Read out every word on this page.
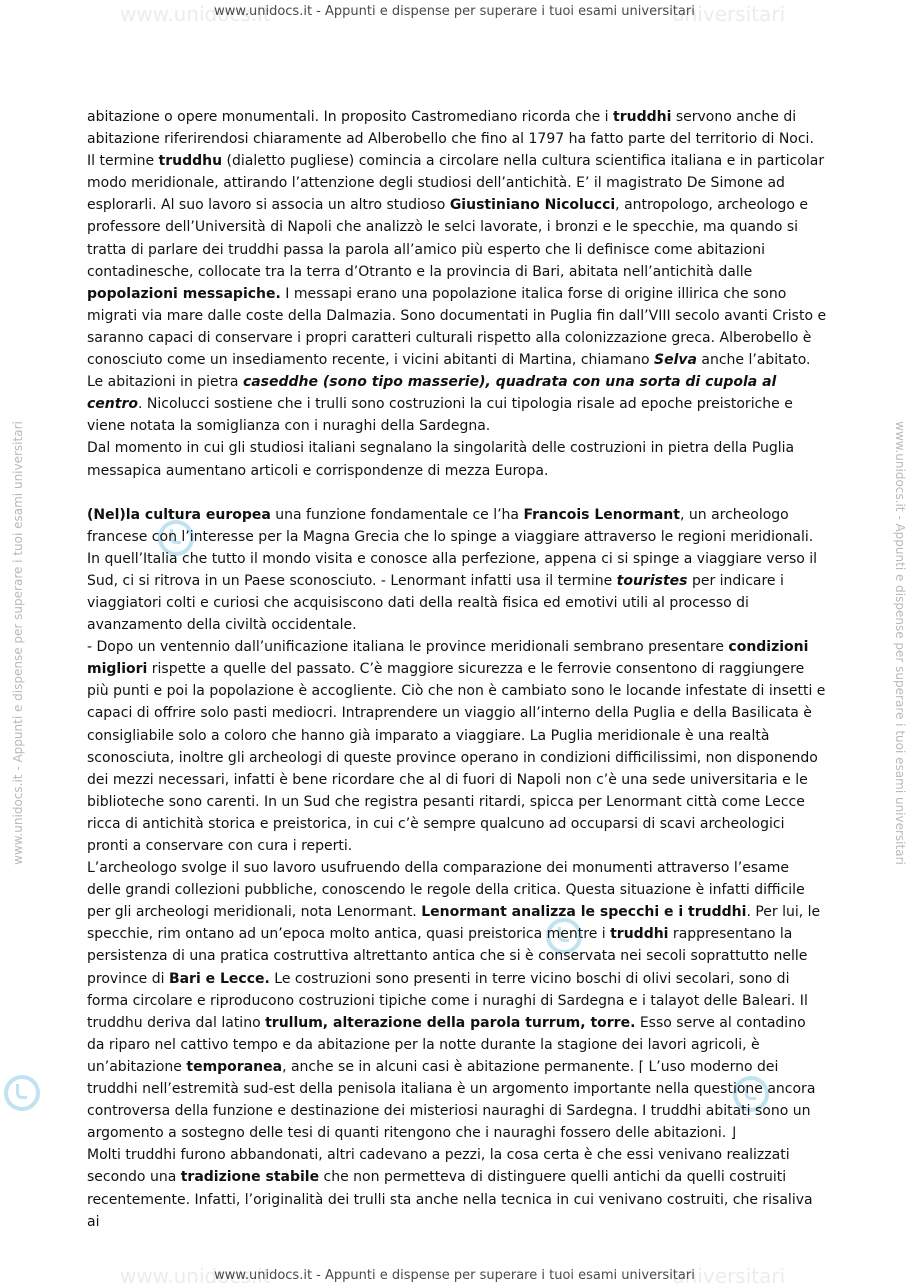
www.unidocs.it	universitari
www.unidocs.it - Appunti e dispense per superare i tuoi esami universitari
www.unidocs.it	universitari
www.unidocs.it - Appunti e dispense per superare i tuoi esami universitari
www.unidocs.it - Appunti e dispense per superare i tuoi esami universitari	www.unidocs.it - Appunti e dispense per superare i tuoi esami universitari

abitazione o opere monumentali. In proposito Castromediano ricorda che i truddhi servono anche di abitazione riferirendosi chiaramente ad Alberobello che fino al 1797 ha fatto parte del territorio di Noci.

Il termine truddhu (dialetto pugliese) comincia a circolare nella cultura scientifica italiana e in particolar modo meridionale, attirando l’attenzione degli studiosi dell’antichità. E’ il magistrato De Simone ad esplorarli. Al suo lavoro si associa un altro studioso Giustiniano Nicolucci, antropologo, archeologo e professore dell’Università di Napoli che analizzò le selci lavorate, i bronzi e le specchie, ma quando si tratta di parlare dei truddhi passa la parola all’amico più esperto che li definisce come abitazioni contadinesche, collocate tra la terra d’Otranto e la provincia di Bari, abitata nell’antichità dalle popolazioni messapiche. I messapi erano una popolazione italica forse di origine illirica che sono migrati via mare dalle coste della Dalmazia. Sono documentati in Puglia fin dall’VIII secolo avanti Cristo e saranno capaci di conservare i propri caratteri culturali rispetto alla colonizzazione greca. Alberobello è conosciuto come un insediamento recente, i vicini abitanti di Martina, chiamano Selva anche l’abitato.

Le abitazioni in pietra caseddhe (sono tipo masserie), quadrata con una sorta di cupola al centro. Nicolucci sostiene che i trulli sono costruzioni la cui tipologia risale ad epoche preistoriche e viene notata la somiglianza con i nuraghi della Sardegna.

Dal momento in cui gli studiosi italiani segnalano la singolarità delle costruzioni in pietra della Puglia messapica aumentano articoli e corrispondenze di mezza Europa.

(Nel)la cultura europea una funzione fondamentale ce l’ha Francois Lenormant, un archeologo francese con l’interesse per la Magna Grecia che lo spinge a viaggiare attraverso le regioni meridionali. In quell’Italia che tutto il mondo visita e conosce alla perfezione, appena ci si spinge a viaggiare verso il Sud, ci si ritrova in un Paese sconosciuto. - Lenormant infatti usa il termine touristes per indicare i viaggiatori colti e curiosi che acquisiscono dati della realtà fisica ed emotivi utili al processo di avanzamento della civiltà occidentale.

- Dopo un ventennio dall’unificazione italiana le province meridionali sembrano presentare condizioni migliori rispette a quelle del passato. C’è maggiore sicurezza e le ferrovie consentono di raggiungere più punti e poi la popolazione è accogliente. Ciò che non è cambiato sono le locande infestate di insetti e capaci di offrire solo pasti mediocri. Intraprendere un viaggio all’interno della Puglia e della Basilicata è consigliabile solo a coloro che hanno già imparato a viaggiare. La Puglia meridionale è una realtà sconosciuta, inoltre gli archeologi di queste province operano in condizioni difficilissimi, non disponendo dei mezzi necessari, infatti è bene ricordare che al di fuori di Napoli non c’è una sede universitaria e le biblioteche sono carenti. In un Sud che registra pesanti ritardi, spicca per Lenormant città come Lecce ricca di antichità storica e preistorica, in cui c’è sempre qualcuno ad occuparsi di scavi archeologici pronti a conservare con cura i reperti.

L’archeologo svolge il suo lavoro usufruendo della comparazione dei monumenti attraverso l’esame delle grandi collezioni pubbliche, conoscendo le regole della critica. Questa situazione è infatti difficile per gli archeologi meridionali, nota Lenormant. Lenormant analizza le specchi e i truddhi. Per lui, le specchie, rim ontano ad un’epoca molto antica, quasi preistorica mentre i truddhi rappresentano la persistenza di una pratica costruttiva altrettanto antica che si è conservata nei secoli soprattutto nelle province di Bari e Lecce. Le costruzioni sono presenti in terre vicino boschi di olivi secolari, sono di forma circolare e riproducono costruzioni tipiche come i nuraghi di Sardegna e i talayot delle Baleari. Il truddhu deriva dal latino trullum, alterazione della parola turrum, torre. Esso serve al contadino da riparo nel cattivo tempo e da abitazione per la notte durante la stagione dei lavori agricoli, è un’abitazione temporanea, anche se in alcuni casi è abitazione permanente. ⌈ L’uso moderno dei truddhi nell’estremità sud-est della penisola italiana è un argomento importante nella questione ancora controversa della funzione e destinazione dei misteriosi nauraghi di Sardegna. I truddhi abitati sono un argomento a sostegno delle tesi di quanti ritengono che i nauraghi fossero delle abitazioni. ⌋

Molti truddhi furono abbandonati, altri cadevano a pezzi, la cosa certa è che essi venivano realizzati secondo una tradizione stabile che non permetteva di distinguere quelli antichi da quelli costruiti recentemente. Infatti, l’originalità dei trulli sta anche nella tecnica in cui venivano costruiti, che risaliva ai
